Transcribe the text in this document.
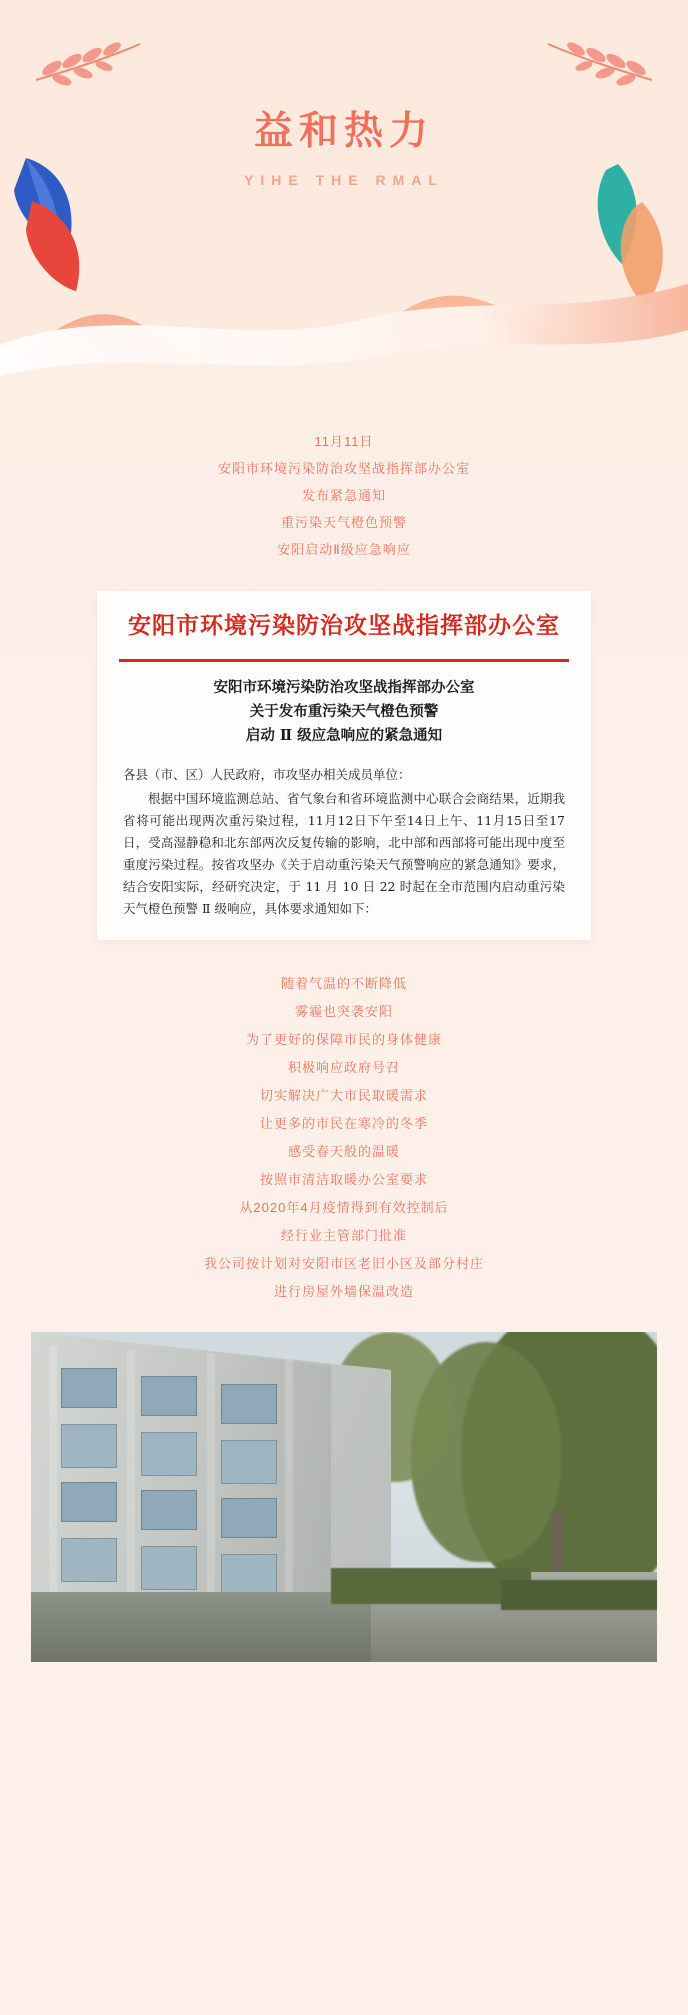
益和热力
YIHE THE RMAL
11月11日
安阳市环境污染防治攻坚战指挥部办公室
发布紧急通知
重污染天气橙色预警
安阳启动Ⅱ级应急响应
安阳市环境污染防治攻坚战指挥部办公室
安阳市环境污染防治攻坚战指挥部办公室
关于发布重污染天气橙色预警
启动 Ⅱ 级应急响应的紧急通知

各县（市、区）人民政府，市攻坚办相关成员单位：

根据中国环境监测总站、省气象台和省环境监测中心联合会商结果，近期我省将可能出现两次重污染过程，11月12日下午至14日上午、11月15日至17日，受高湿静稳和北东部两次反复传输的影响，北中部和西部将可能出现中度至重度污染过程。按省攻坚办《关于启动重污染天气预警响应的紧急通知》要求，结合安阳实际，经研究决定，于 11 月 10 日 22 时起在全市范围内启动重污染天气橙色预警 Ⅱ 级响应，具体要求通知如下：

随着气温的不断降低
雾霾也突袭安阳
为了更好的保障市民的身体健康
积极响应政府号召
切实解决广大市民取暖需求
让更多的市民在寒冷的冬季
感受春天般的温暖
按照市清洁取暖办公室要求
从2020年4月疫情得到有效控制后
经行业主管部门批准
我公司按计划对安阳市区老旧小区及部分村庄
进行房屋外墙保温改造
